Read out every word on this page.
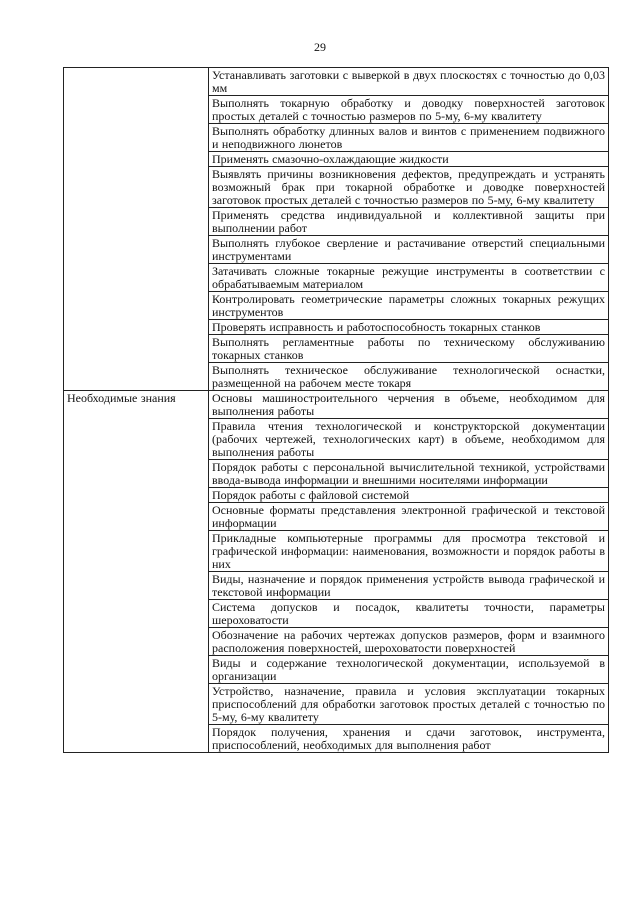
29
	Устанавливать заготовки с выверкой в двух плоскостях с точностью до 0,03 мм
	Выполнять токарную обработку и доводку поверхностей заготовок простых деталей с точностью размеров по 5-му, 6-му квалитету
	Выполнять обработку длинных валов и винтов с применением подвижного и неподвижного люнетов
	Применять смазочно-охлаждающие жидкости
	Выявлять причины возникновения дефектов, предупреждать и устранять возможный брак при токарной обработке и доводке поверхностей заготовок простых деталей с точностью размеров по 5-му, 6-му квалитету
	Применять средства индивидуальной и коллективной защиты при выполнении работ
	Выполнять глубокое сверление и растачивание отверстий специальными инструментами
	Затачивать сложные токарные режущие инструменты в соответствии с обрабатываемым материалом
	Контролировать геометрические параметры сложных токарных режущих инструментов
	Проверять исправность и работоспособность токарных станков
	Выполнять регламентные работы по техническому обслуживанию токарных станков
	Выполнять техническое обслуживание технологической оснастки, размещенной на рабочем месте токаря
Необходимые знания	Основы машиностроительного черчения в объеме, необходимом для выполнения работы
	Правила чтения технологической и конструкторской документации (рабочих чертежей, технологических карт) в объеме, необходимом для выполнения работы
	Порядок работы с персональной вычислительной техникой, устройствами ввода-вывода информации и внешними носителями информации
	Порядок работы с файловой системой
	Основные форматы представления электронной графической и текстовой информации
	Прикладные компьютерные программы для просмотра текстовой и графической информации: наименования, возможности и порядок работы в них
	Виды, назначение и порядок применения устройств вывода графической и текстовой информации
	Система допусков и посадок, квалитеты точности, параметры шероховатости
	Обозначение на рабочих чертежах допусков размеров, форм и взаимного расположения поверхностей, шероховатости поверхностей
	Виды и содержание технологической документации, используемой в организации
	Устройство, назначение, правила и условия эксплуатации токарных приспособлений для обработки заготовок простых деталей с точностью по 5-му, 6-му квалитету
	Порядок получения, хранения и сдачи заготовок, инструмента, приспособлений, необходимых для выполнения работ
